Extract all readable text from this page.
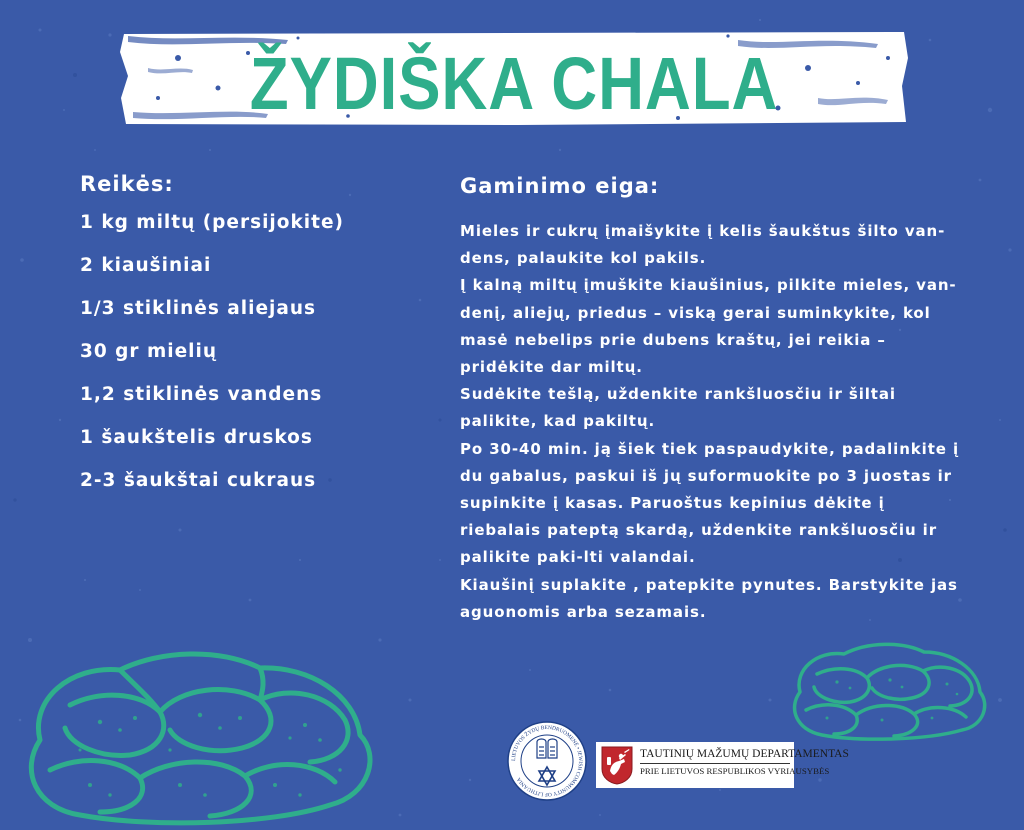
ŽYDIŠKA CHALA
Reikės:
1 kg miltų (persijokite)
2 kiaušiniai
1/3 stiklinės aliejaus
30 gr mielių
1,2 stiklinės vandens
1 šaukštelis druskos
2-3 šaukštai cukraus
Gaminimo eiga:

Mieles ir cukrų įmaišykite į kelis šaukštus šilto van-dens, palaukite kol pakils.

Į kalną miltų įmuškite kiaušinius, pilkite mieles, van-denį, aliejų, priedus – viską gerai suminkykite, kol masė nebelips prie dubens kraštų, jei reikia – pridėkite dar miltų.

Sudėkite tešlą, uždenkite rankšluosčiu ir šiltai palikite, kad pakiltų.

Po 30-40 min. ją šiek tiek paspaudykite, padalinkite į du gabalus, paskui iš jų suformuokite po 3 juostas ir supinkite į kasas. Paruoštus kepinius dėkite į riebalais pateptą skardą, uždenkite rankšluosčiu ir palikite paki-lti valandai.

Kiaušinį suplakite , patepkite pynutes. Barstykite jas aguonomis arba sezamais.

LIETUVOS ŽYDŲ BENDRUOMENĖ • JEWISH COMMUNITY OF LITHUANIA
TAUTINIŲ MAŽUMŲ DEPARTAMENTAS
PRIE LIETUVOS RESPUBLIKOS VYRIAUSYBĖS
